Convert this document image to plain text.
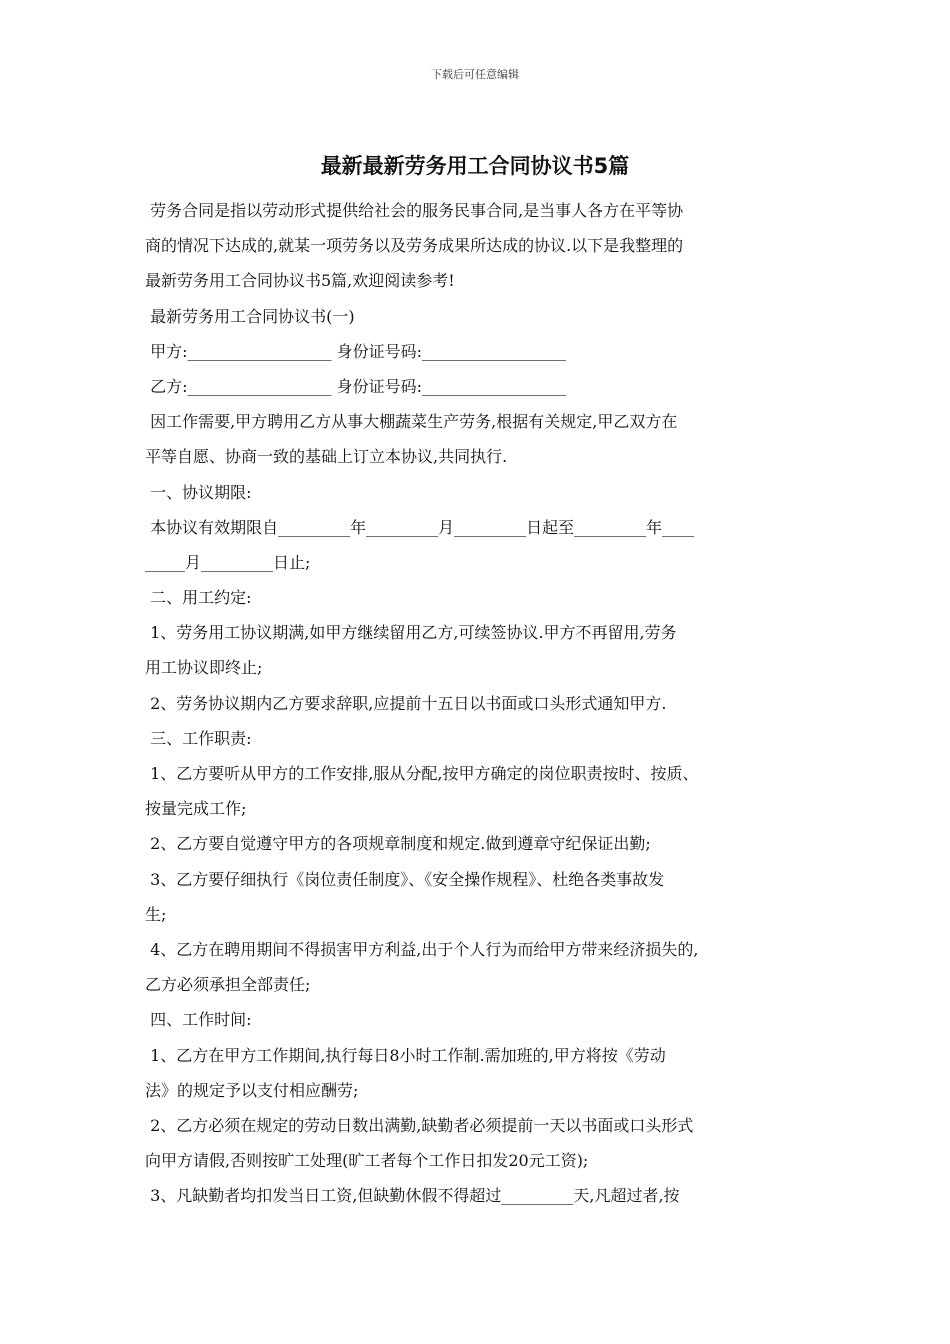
下载后可任意编辑
最新最新劳务用工合同协议书5篇
劳务合同是指以劳动形式提供给社会的服务民事合同,是当事人各方在平等协
商的情况下达成的,就某一项劳务以及劳务成果所达成的协议.以下是我整理的
最新劳务用工合同协议书5篇,欢迎阅读参考!
最新劳务用工合同协议书(一)
甲方:__________________ 身份证号码:__________________
乙方:__________________ 身份证号码:__________________
因工作需要,甲方聘用乙方从事大棚蔬菜生产劳务,根据有关规定,甲乙双方在
平等自愿、协商一致的基础上订立本协议,共同执行.
一、协议期限:
本协议有效期限自_________年_________月_________日起至_________年____
_____月_________日止;
二、用工约定:
1、劳务用工协议期满,如甲方继续留用乙方,可续签协议.甲方不再留用,劳务
用工协议即终止;
2、劳务协议期内乙方要求辞职,应提前十五日以书面或口头形式通知甲方.
三、工作职责:
1、乙方要听从甲方的工作安排,服从分配,按甲方确定的岗位职责按时、按质、
按量完成工作;
2、乙方要自觉遵守甲方的各项规章制度和规定.做到遵章守纪保证出勤;
3、乙方要仔细执行《岗位责任制度》、《安全操作规程》、杜绝各类事故发
生;
4、乙方在聘用期间不得损害甲方利益,出于个人行为而给甲方带来经济损失的,
乙方必须承担全部责任;
四、工作时间:
1、乙方在甲方工作期间,执行每日8小时工作制.需加班的,甲方将按《劳动
法》的规定予以支付相应酬劳;
2、乙方必须在规定的劳动日数出满勤,缺勤者必须提前一天以书面或口头形式
向甲方请假,否则按旷工处理(旷工者每个工作日扣发20元工资);
3、凡缺勤者均扣发当日工资,但缺勤休假不得超过_________天,凡超过者,按
